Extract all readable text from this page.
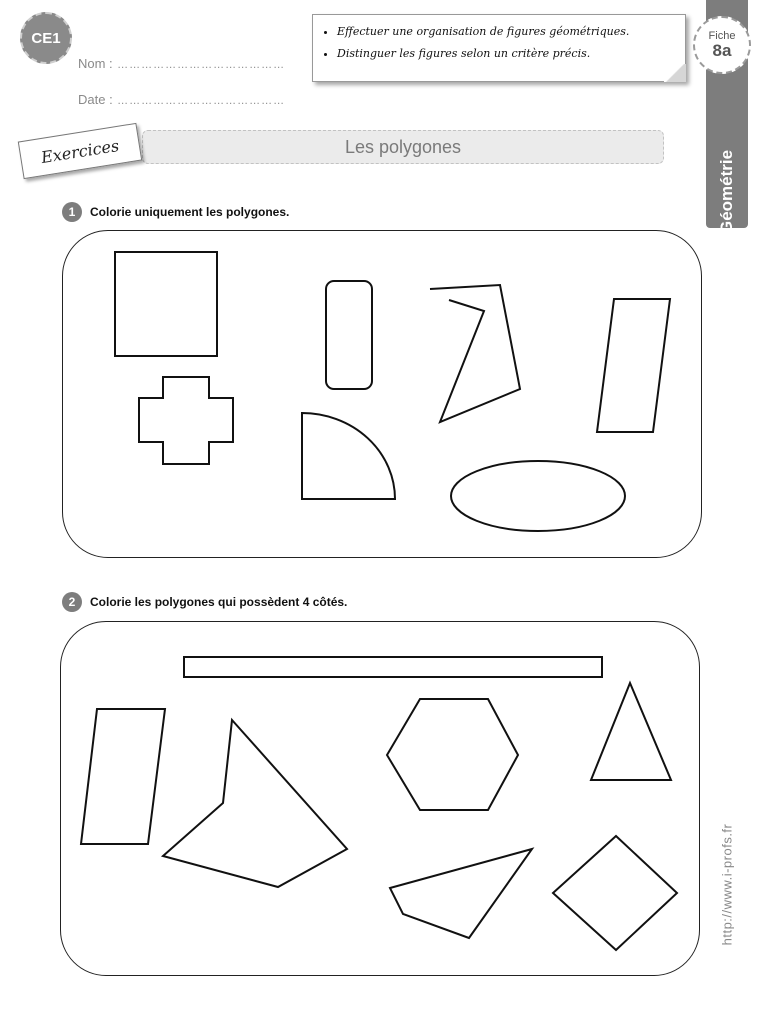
CE1
Nom : ……………………………………
Date : ……………………………………
• Effectuer une organisation de figures géométriques.
• Distinguer les figures selon un critère précis.
Fiche
8a
Géométrie
Les polygones
Exercices
1	Colorie uniquement les polygones.
2	Colorie les polygones qui possèdent 4 côtés.
http://www.i-profs.fr
